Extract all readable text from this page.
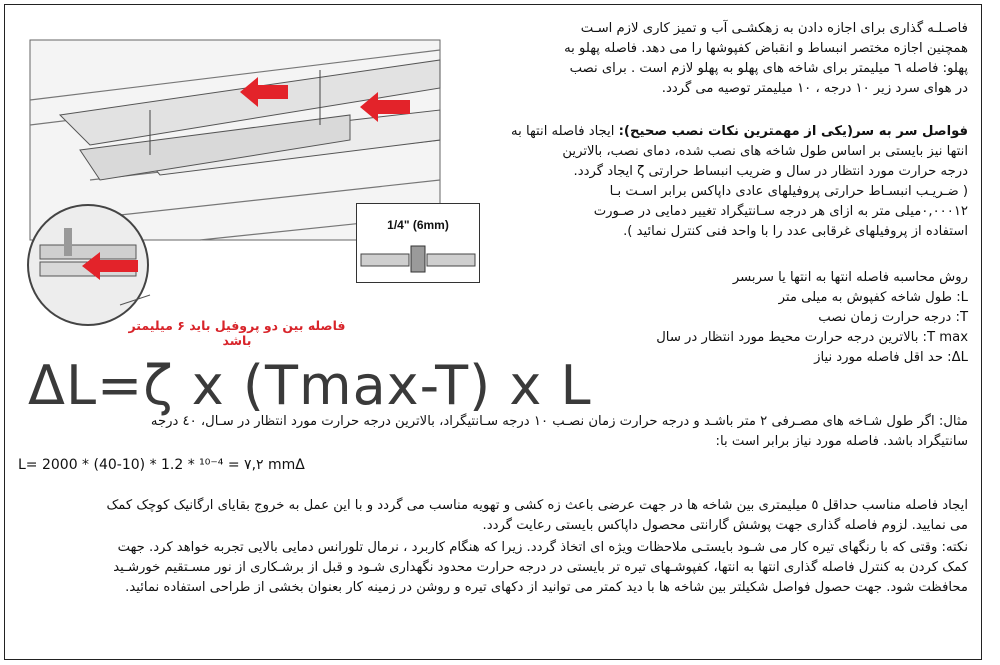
1/4" (6mm)
فاصله بین دو پروفیل باید ۶ میلیمتر باشد
ΔL=ζ x (Tmax-T) x L
فاصـلـه گذاری برای اجازه دادن به زهکشـی آب و تمیز کاری لازم اسـت
همچنین اجازه مختصر انبساط و انقباض کفپوشها را می دهد. فاصله پهلو به
پهلو: فاصله ٦ میلیمتر برای شاخه های پهلو به پهلو لازم است . برای نصب
در هوای سرد زیر ١٠ درجه ، ١٠ میلیمتر توصیه می گردد.
فواصل سر به سر(یکی از مهمترین نکات نصب صحیح): ایجاد فاصله انتها به
انتها نیز بایستی بر اساس طول شاخه های نصب شده، دمای نصب، بالاترین
درجه حرارت مورد انتظار در سال و ضریب انبساط حرارتی ζ ایجاد گردد.
( ضـریـب انبسـاط حرارتی پروفیلهای عادی داپاکس برابر اسـت بـا
٠,٠٠٠١٢میلی متر به ازای هر درجه سـانتیگراد تغییر دمایی در صـورت
استفاده از پروفیلهای غرقابی عدد را با واحد فنی کنترل نمائید ).
روش محاسبه فاصله انتها به انتها یا سربسر
L: طول شاخه کفپوش به میلی متر
T: درجه حرارت زمان نصب
T max: بالاترین درجه حرارت محیط مورد انتظار در سال
ΔL: حد اقل فاصله مورد نیاز
مثال: اگر طول شـاخه های مصـرفی ٢ متر باشـد و درجه حرارت زمان نصـب ١٠ درجه سـانتیگراد، بالاترین درجه حرارت مورد انتظار در سـال، ٤٠ درجه
سانتیگراد باشد. فاصله مورد نیاز برابر است با:
L= 2000 * (40-10) * 1.2 * ¹⁰⁻⁴ = ٧,٢ mmΔ
ایجاد فاصله مناسب حداقل ٥ میلیمتری بین شاخه ها در جهت عرضی باعث زه کشی و تهویه مناسب می گردد و با این عمل به خروج بقایای ارگانیک کوچک کمک
می نمایید. لزوم فاصله گذاری جهت پوشش گارانتی محصول داپاکس بایستی رعایت گردد.
نکته: وقتی که با رنگهای تیره کار می شـود بایستـی ملاحظات ویژه ای اتخاذ گردد. زیرا که هنگام کاربرد ، نرمال تلورانس دمایی بالایی تجربه خواهد کرد. جهت
کمک کردن به کنترل فاصله گذاری انتها به انتها، کفپوشـهای تیره تر بایستی در درجه حرارت محدود نگهداری شـود و قبل از برشـکاری از نور مسـتقیم خورشـید
محافظت شود. جهت حصول فواصل شکیلتر بین شاخه ها با دید کمتر می توانید از دکهای تیره و روشن در زمینه کار بعنوان بخشی از طراحی استفاده نمائید.
